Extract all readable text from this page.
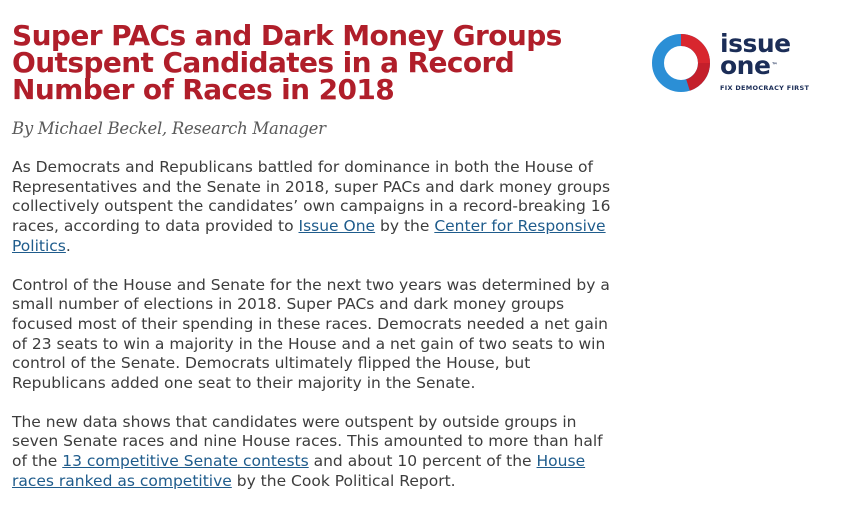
Super PACs and Dark Money Groups Outspent Candidates in a Record Number of Races in 2018

By Michael Beckel, Research Manager

As Democrats and Republicans battled for dominance in both the House of Representatives and the Senate in 2018, super PACs and dark money groups collectively outspent the candidates’ own campaigns in a record-breaking 16 races, according to data provided to Issue One by the Center for Responsive Politics.

Control of the House and Senate for the next two years was determined by a small number of elections in 2018. Super PACs and dark money groups focused most of their spending in these races. Democrats needed a net gain of 23 seats to win a majority in the House and a net gain of two seats to win control of the Senate. Democrats ultimately flipped the House, but Republicans added one seat to their majority in the Senate.

The new data shows that candidates were outspent by outside groups in seven Senate races and nine House races. This amounted to more than half of the 13 competitive Senate contests and about 10 percent of the House races ranked as competitive by the Cook Political Report.

issue
one™
FIX DEMOCRACY FIRST
